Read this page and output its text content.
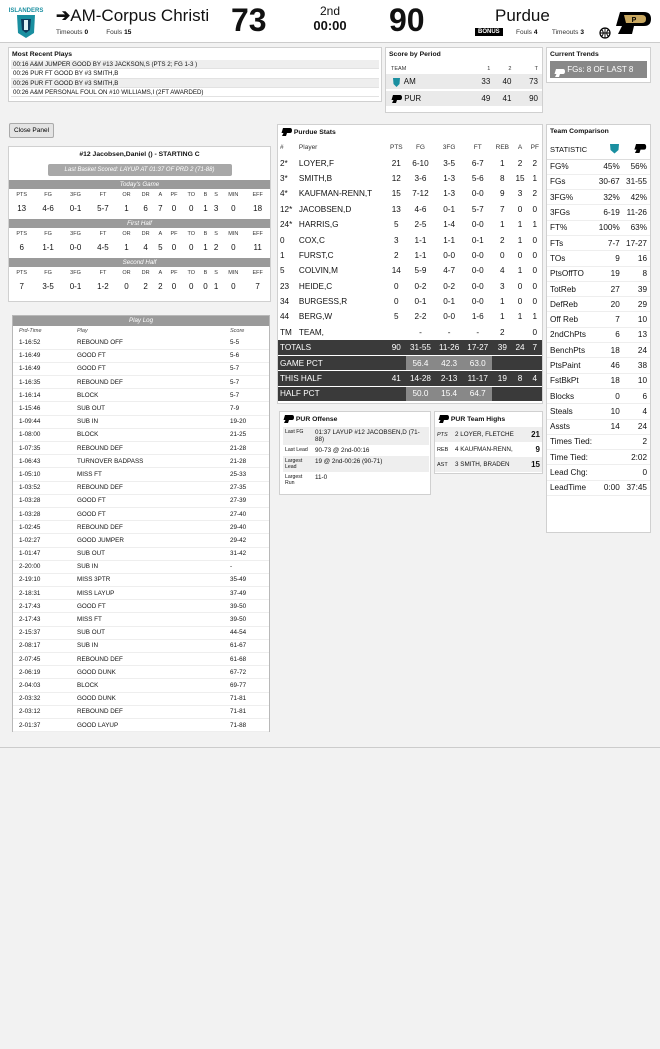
ISLANDERS ➔AM-Corpus Christi
Timeouts 0	Fouls 15	73	2nd
00:00 90	Purdue
BONUS	Fouls 4 Timeouts 3
P
Most Recent Plays
00:16 A&M JUMPER GOOD BY #13 JACKSON,S (PTS 2; FG 1-3 )
00:26 PUR FT GOOD BY #3 SMITH,B
00:26 PUR FT GOOD BY #3 SMITH,B
00:26 A&M PERSONAL FOUL ON #10 WILLIAMS,I (2FT AWARDED)
Score by Period
TEAM	1	2	T
AM	33	40	73
PUR	49	41	90
Current Trends
FGs: 8 OF LAST 8
Close Panel
#12 Jacobsen,Daniel () - STARTING C
Last Basket Scored: LAYUP AT 01:37 OF PRD 2 (71-88)
Today's Game
PTS	FG	3FG	FT	OR	DR	A	PF	TO	B	S	MIN	EFF
13	4-6	0-1	5-7	1	6	7	0	0	1	3	0	18
First Half
PTS	FG	3FG	FT	OR	DR	A	PF	TO	B	S	MIN	EFF
6	1-1	0-0	4-5	1	4	5	0	0	1	2	0	11
Second Half
PTS	FG	3FG	FT	OR	DR	A	PF	TO	B	S	MIN	EFF
7	3-5	0-1	1-2	0	2	2	0	0	0	1	0	7
Play Log
Prd-Time	Play	Score
1-16:52	REBOUND OFF	5-5
1-16:49	GOOD FT	5-6
1-16:49	GOOD FT	5-7
1-16:35	REBOUND DEF	5-7
1-16:14	BLOCK	5-7
1-15:46	SUB OUT	7-9
1-09:44	SUB IN	19-20
1-08:00	BLOCK	21-25
1-07:35	REBOUND DEF	21-28
1-06:43	TURNOVER BADPASS	21-28
1-05:10	MISS FT	25-33
1-03:52	REBOUND DEF	27-35
1-03:28	GOOD FT	27-39
1-03:28	GOOD FT	27-40
1-02:45	REBOUND DEF	29-40
1-02:27	GOOD JUMPER	29-42
1-01:47	SUB OUT	31-42
2-20:00	SUB IN	-
2-19:10	MISS 3PTR	35-49
2-18:31	MISS LAYUP	37-49
2-17:43	GOOD FT	39-50
2-17:43	MISS FT	39-50
2-15:37	SUB OUT	44-54
2-08:17	SUB IN	61-67
2-07:45	REBOUND DEF	61-68
2-06:19	GOOD DUNK	67-72
2-04:03	BLOCK	69-77
2-03:32	GOOD DUNK	71-81
2-03:12	REBOUND DEF	71-81
2-01:37	GOOD LAYUP	71-88
Purdue Stats
#	Player	PTS	FG	3FG	FT	REB	A	PF
2*	LOYER,F	21	6-10	3-5	6-7	1	2	2
3*	SMITH,B	12	3-6	1-3	5-6	8	15	1
4*	KAUFMAN-RENN,T	15	7-12	1-3	0-0	9	3	2
12*	JACOBSEN,D	13	4-6	0-1	5-7	7	0	0
24*	HARRIS,G	5	2-5	1-4	0-0	1	1	1
0	COX,C	3	1-1	1-1	0-1	2	1	0
1	FURST,C	2	1-1	0-0	0-0	0	0	0
5	COLVIN,M	14	5-9	4-7	0-0	4	1	0
23	HEIDE,C	0	0-2	0-2	0-0	3	0	0
34	BURGESS,R	0	0-1	0-1	0-0	1	0	0
44	BERG,W	5	2-2	0-0	1-6	1	1	1
TM	TEAM,		-	-	-	2		0
TOTALS		90	31-55	11-26	17-27	39	24	7
GAME PCT			56.4	42.3	63.0			
THIS HALF		41	14-28	2-13	11-17	19	8	4
HALF PCT			50.0	15.4	64.7			
PUR Offense
Last FG	01:37 LAYUP #12 JACOBSEN,D (71-88)
Last Lead	90-73 @ 2nd-00:16
Largest Lead	19 @ 2nd-00:26 (90-71)
Largest Run	11-0
PUR Team Highs
PTS	2 LOYER, FLETCHE	21
REB	4 KAUFMAN-RENN,	9
AST	3 SMITH, BRADEN	15
Team Comparison
STATISTIC		
FG%	45%	56%
FGs	30-67	31-55
3FG%	32%	42%
3FGs	6-19	11-26
FT%	100%	63%
FTs	7-7	17-27
TOs	9	16
PtsOffTO	19	8
TotReb	27	39
DefReb	20	29
Off Reb	7	10
2ndChPts	6	13
BenchPts	18	24
PtsPaint	46	38
FstBkPt	18	10
Blocks	0	6
Steals	10	4
Assts	14	24
Times Tied:		2
Time Tied:		2:02
Lead Chg:		0
LeadTime	0:00	37:45
